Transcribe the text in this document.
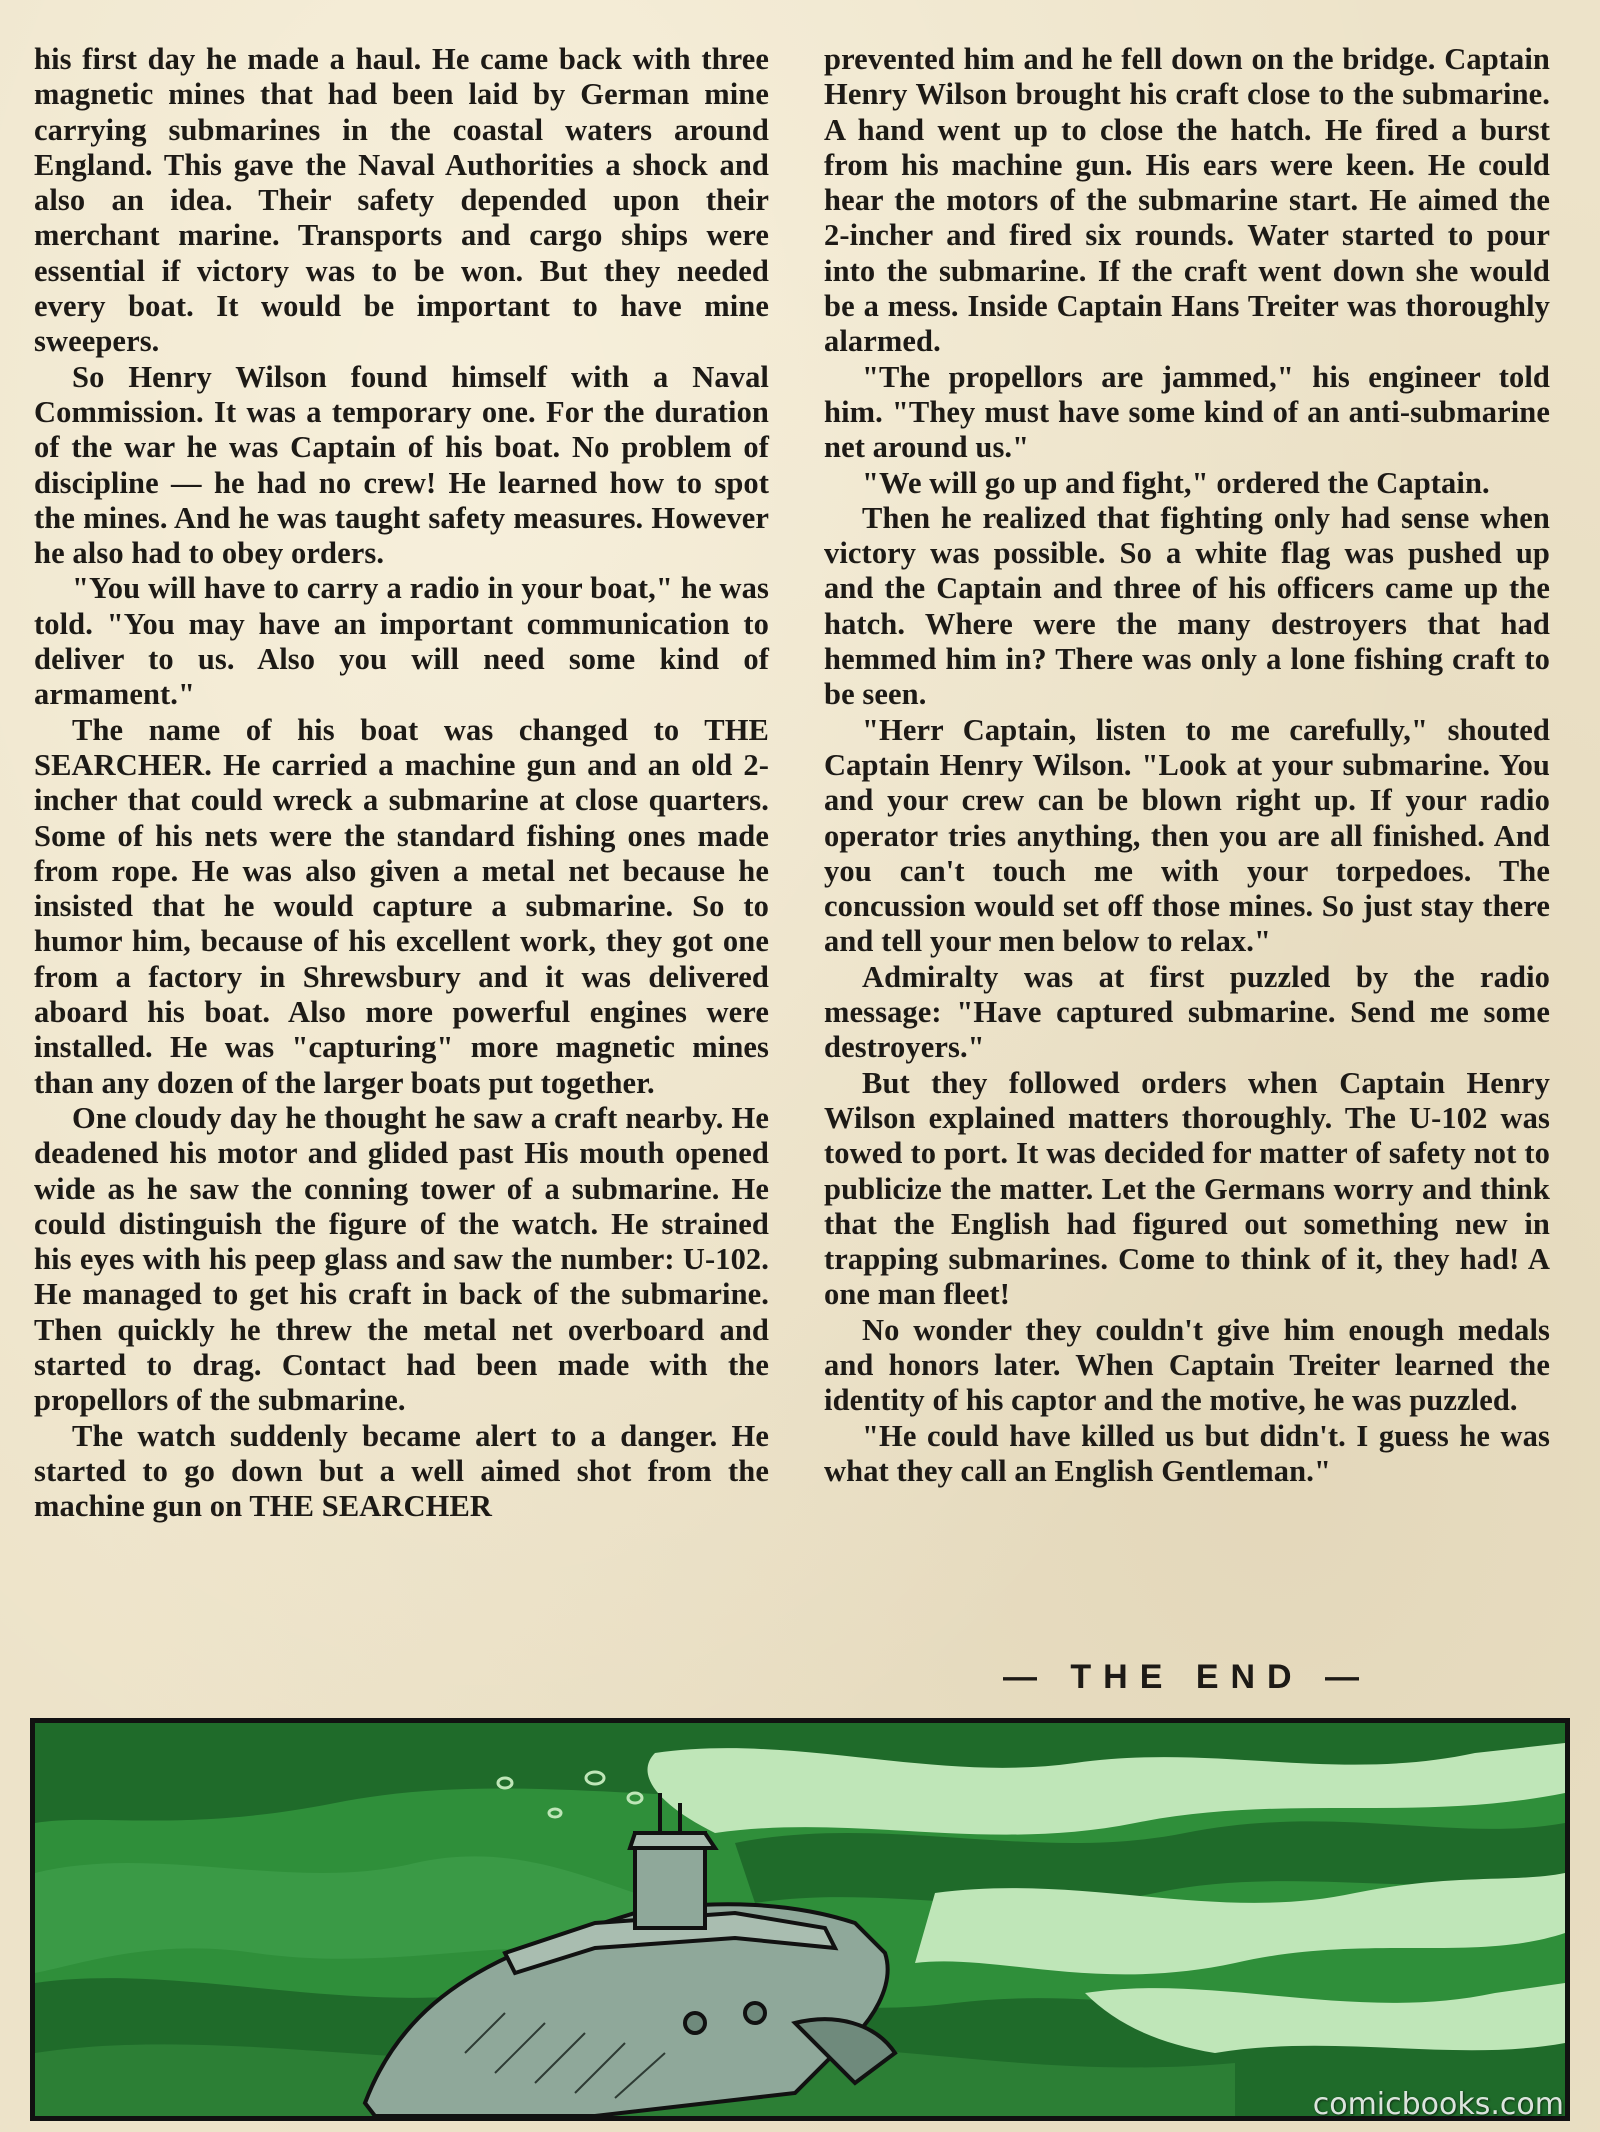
his first day he made a haul. He came back with three magnetic mines that had been laid by German mine carrying submarines in the coastal waters around England. This gave the Naval Authorities a shock and also an idea. Their safety depended upon their merchant marine. Transports and cargo ships were essential if victory was to be won. But they needed every boat. It would be important to have mine sweepers.

So Henry Wilson found himself with a Naval Commission. It was a temporary one. For the duration of the war he was Captain of his boat. No problem of discipline — he had no crew! He learned how to spot the mines. And he was taught safety measures. However he also had to obey orders.

"You will have to carry a radio in your boat," he was told. "You may have an important communication to deliver to us. Also you will need some kind of armament."

The name of his boat was changed to THE SEARCHER. He carried a machine gun and an old 2-incher that could wreck a submarine at close quarters. Some of his nets were the standard fishing ones made from rope. He was also given a metal net because he insisted that he would capture a submarine. So to humor him, because of his excellent work, they got one from a factory in Shrewsbury and it was delivered aboard his boat. Also more powerful engines were installed. He was "capturing" more magnetic mines than any dozen of the larger boats put together.

One cloudy day he thought he saw a craft nearby. He deadened his motor and glided past His mouth opened wide as he saw the conning tower of a submarine. He could distinguish the figure of the watch. He strained his eyes with his peep glass and saw the number: U-102. He managed to get his craft in back of the submarine. Then quickly he threw the metal net overboard and started to drag. Contact had been made with the propellors of the submarine.

The watch suddenly became alert to a danger. He started to go down but a well aimed shot from the machine gun on THE SEARCHER

prevented him and he fell down on the bridge. Captain Henry Wilson brought his craft close to the submarine. A hand went up to close the hatch. He fired a burst from his machine gun. His ears were keen. He could hear the motors of the submarine start. He aimed the 2-incher and fired six rounds. Water started to pour into the submarine. If the craft went down she would be a mess. Inside Captain Hans Treiter was thoroughly alarmed.

"The propellors are jammed," his engineer told him. "They must have some kind of an anti-submarine net around us."

"We will go up and fight," ordered the Captain.

Then he realized that fighting only had sense when victory was possible. So a white flag was pushed up and the Captain and three of his officers came up the hatch. Where were the many destroyers that had hemmed him in? There was only a lone fishing craft to be seen.

"Herr Captain, listen to me carefully," shouted Captain Henry Wilson. "Look at your submarine. You and your crew can be blown right up. If your radio operator tries anything, then you are all finished. And you can't touch me with your torpedoes. The concussion would set off those mines. So just stay there and tell your men below to relax."

Admiralty was at first puzzled by the radio message: "Have captured submarine. Send me some destroyers."

But they followed orders when Captain Henry Wilson explained matters thoroughly. The U-102 was towed to port. It was decided for matter of safety not to publicize the matter. Let the Germans worry and think that the English had figured out something new in trapping submarines. Come to think of it, they had! A one man fleet!

No wonder they couldn't give him enough medals and honors later. When Captain Treiter learned the identity of his captor and the motive, he was puzzled.

"He could have killed us but didn't. I guess he was what they call an English Gentleman."

— THE END —
comicbooks.com
